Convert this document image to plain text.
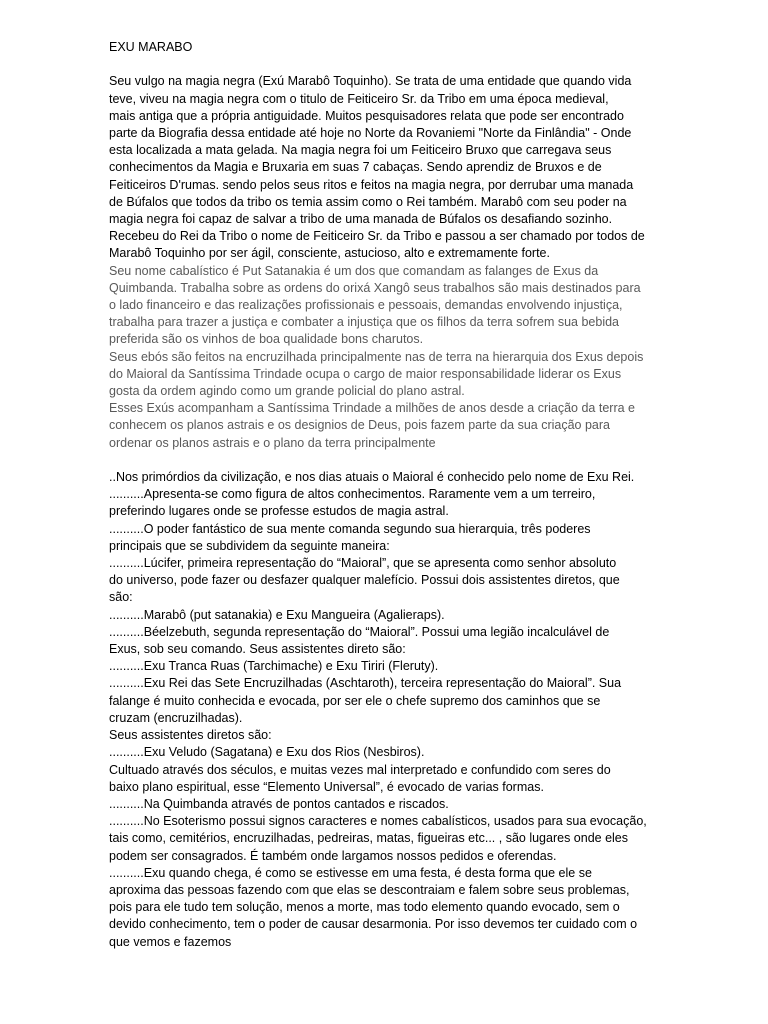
EXU MARABO
Seu vulgo na magia negra (Exú Marabô Toquinho). Se trata de uma entidade que quando vida
teve, viveu na magia negra com o titulo de Feiticeiro Sr. da Tribo em uma época medieval,
mais antiga que a própria antiguidade. Muitos pesquisadores relata que pode ser encontrado
parte da Biografia dessa entidade até hoje no Norte da Rovaniemi "Norte da Finlândia" - Onde
esta localizada a mata gelada. Na magia negra foi um Feiticeiro Bruxo que carregava seus
conhecimentos da Magia e Bruxaria em suas 7 cabaças. Sendo aprendiz de Bruxos e de
Feiticeiros D'rumas. sendo pelos seus ritos e feitos na magia negra, por derrubar uma manada
de Búfalos que todos da tribo os temia assim como o Rei também. Marabô com seu poder na
magia negra foi capaz de salvar a tribo de uma manada de Búfalos os desafiando sozinho.
Recebeu do Rei da Tribo o nome de Feiticeiro Sr. da Tribo e passou a ser chamado por todos de
Marabô Toquinho por ser ágil, consciente, astucioso, alto e extremamente forte.
Seu nome cabalístico é Put Satanakia é um dos que comandam as falanges de Exus da
Quimbanda. Trabalha sobre as ordens do orixá Xangô seus trabalhos são mais destinados para
o lado financeiro e das realizações profissionais e pessoais, demandas envolvendo injustiça,
trabalha para trazer a justiça e combater a injustiça que os filhos da terra sofrem sua bebida
preferida são os vinhos de boa qualidade bons charutos.
Seus ebós são feitos na encruzilhada principalmente nas de terra na hierarquia dos Exus depois
do Maioral da Santíssima Trindade ocupa o cargo de maior responsabilidade liderar os Exus
gosta da ordem agindo como um grande policial do plano astral.
Esses Exús acompanham a Santíssima Trindade a milhões de anos desde a criação da terra e
conhecem os planos astrais e os designios de Deus, pois fazem parte da sua criação para
ordenar os planos astrais e o plano da terra principalmente
..Nos primórdios da civilização, e nos dias atuais o Maioral é conhecido pelo nome de Exu Rei.
..........Apresenta-se como figura de altos conhecimentos. Raramente vem a um terreiro,
preferindo lugares onde se professe estudos de magia astral.
..........O poder fantástico de sua mente comanda segundo sua hierarquia, três poderes
principais que se subdividem da seguinte maneira:
..........Lúcifer, primeira representação do “Maioral”, que se apresenta como senhor absoluto
do universo, pode fazer ou desfazer qualquer malefício. Possui dois assistentes diretos, que
são:
..........Marabô (put satanakia) e Exu Mangueira (Agalieraps).
..........Béelzebuth, segunda representação do “Maioral”. Possui uma legião incalculável de
Exus, sob seu comando. Seus assistentes direto são:
..........Exu Tranca Ruas (Tarchimache) e Exu Tiriri (Fleruty).
..........Exu Rei das Sete Encruzilhadas (Aschtaroth), terceira representação do Maioral”. Sua
falange é muito conhecida e evocada, por ser ele o chefe supremo dos caminhos que se
cruzam (encruzilhadas).
Seus assistentes diretos são:
..........Exu Veludo (Sagatana) e Exu dos Rios (Nesbiros).
Cultuado através dos séculos, e muitas vezes mal interpretado e confundido com seres do
baixo plano espiritual, esse “Elemento Universal”, é evocado de varias formas.
..........Na Quimbanda através de pontos cantados e riscados.
..........No Esoterismo possui signos caracteres e nomes cabalísticos, usados para sua evocação,
tais como, cemitérios, encruzilhadas, pedreiras, matas, figueiras etc... , são lugares onde eles
podem ser consagrados. É também onde largamos nossos pedidos e oferendas.
..........Exu quando chega, é como se estivesse em uma festa, é desta forma que ele se
aproxima das pessoas fazendo com que elas se descontraiam e falem sobre seus problemas,
pois para ele tudo tem solução, menos a morte, mas todo elemento quando evocado, sem o
devido conhecimento, tem o poder de causar desarmonia. Por isso devemos ter cuidado com o
que vemos e fazemos
